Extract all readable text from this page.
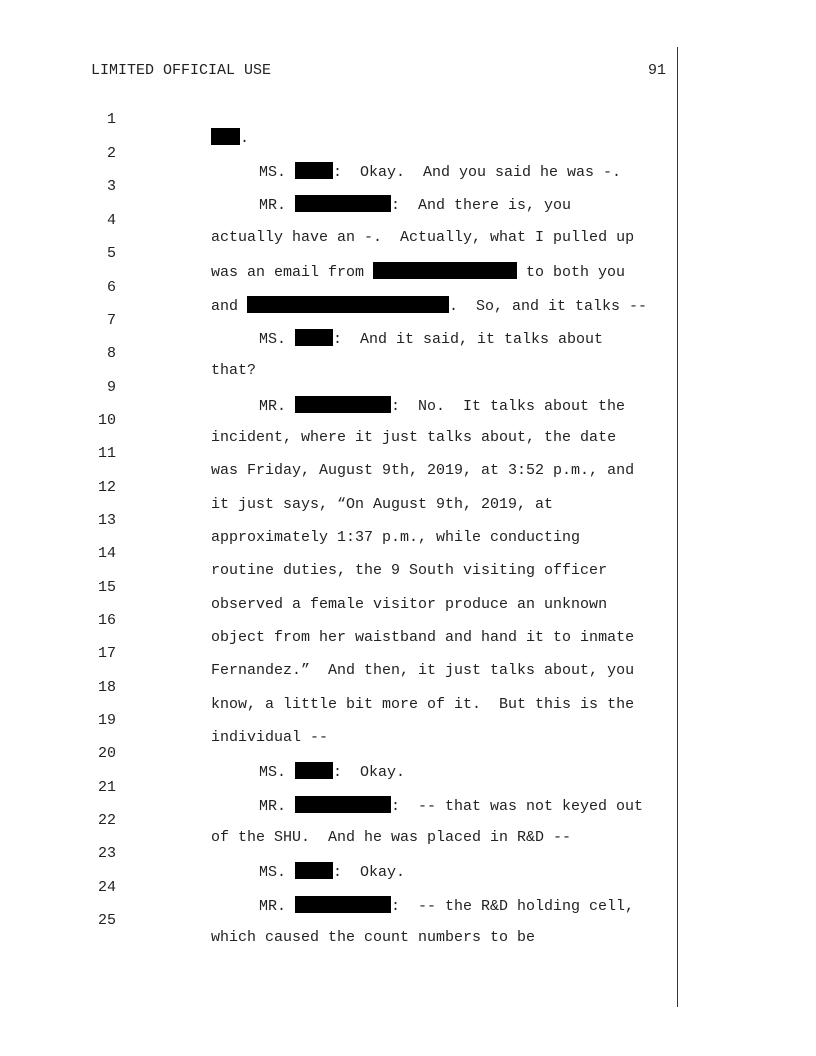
LIMITED OFFICIAL USE	91

1

.

2

MS.	:  Okay.  And you said he was -.

3

MR.	:  And there is, you

4

actually have an -.  Actually, what I pulled up

5

was an email from	to both you

6

and	.  So, and it talks --

7

MS.	:  And it said, it talks about

8

that?

9

MR.	:  No.  It talks about the

10

incident, where it just talks about, the date

11

was Friday, August 9th, 2019, at 3:52 p.m., and

12

it just says, “On August 9th, 2019, at

13

approximately 1:37 p.m., while conducting

14

routine duties, the 9 South visiting officer

15

observed a female visitor produce an unknown

16

object from her waistband and hand it to inmate

17

Fernandez.”  And then, it just talks about, you

18

know, a little bit more of it.  But this is the

19

individual --

20

MS.	:  Okay.

21

MR.	:  -- that was not keyed out

22

of the SHU.  And he was placed in R&D --

23

MS.	:  Okay.

24

MR.	:  -- the R&D holding cell,

25

which caused the count numbers to be
